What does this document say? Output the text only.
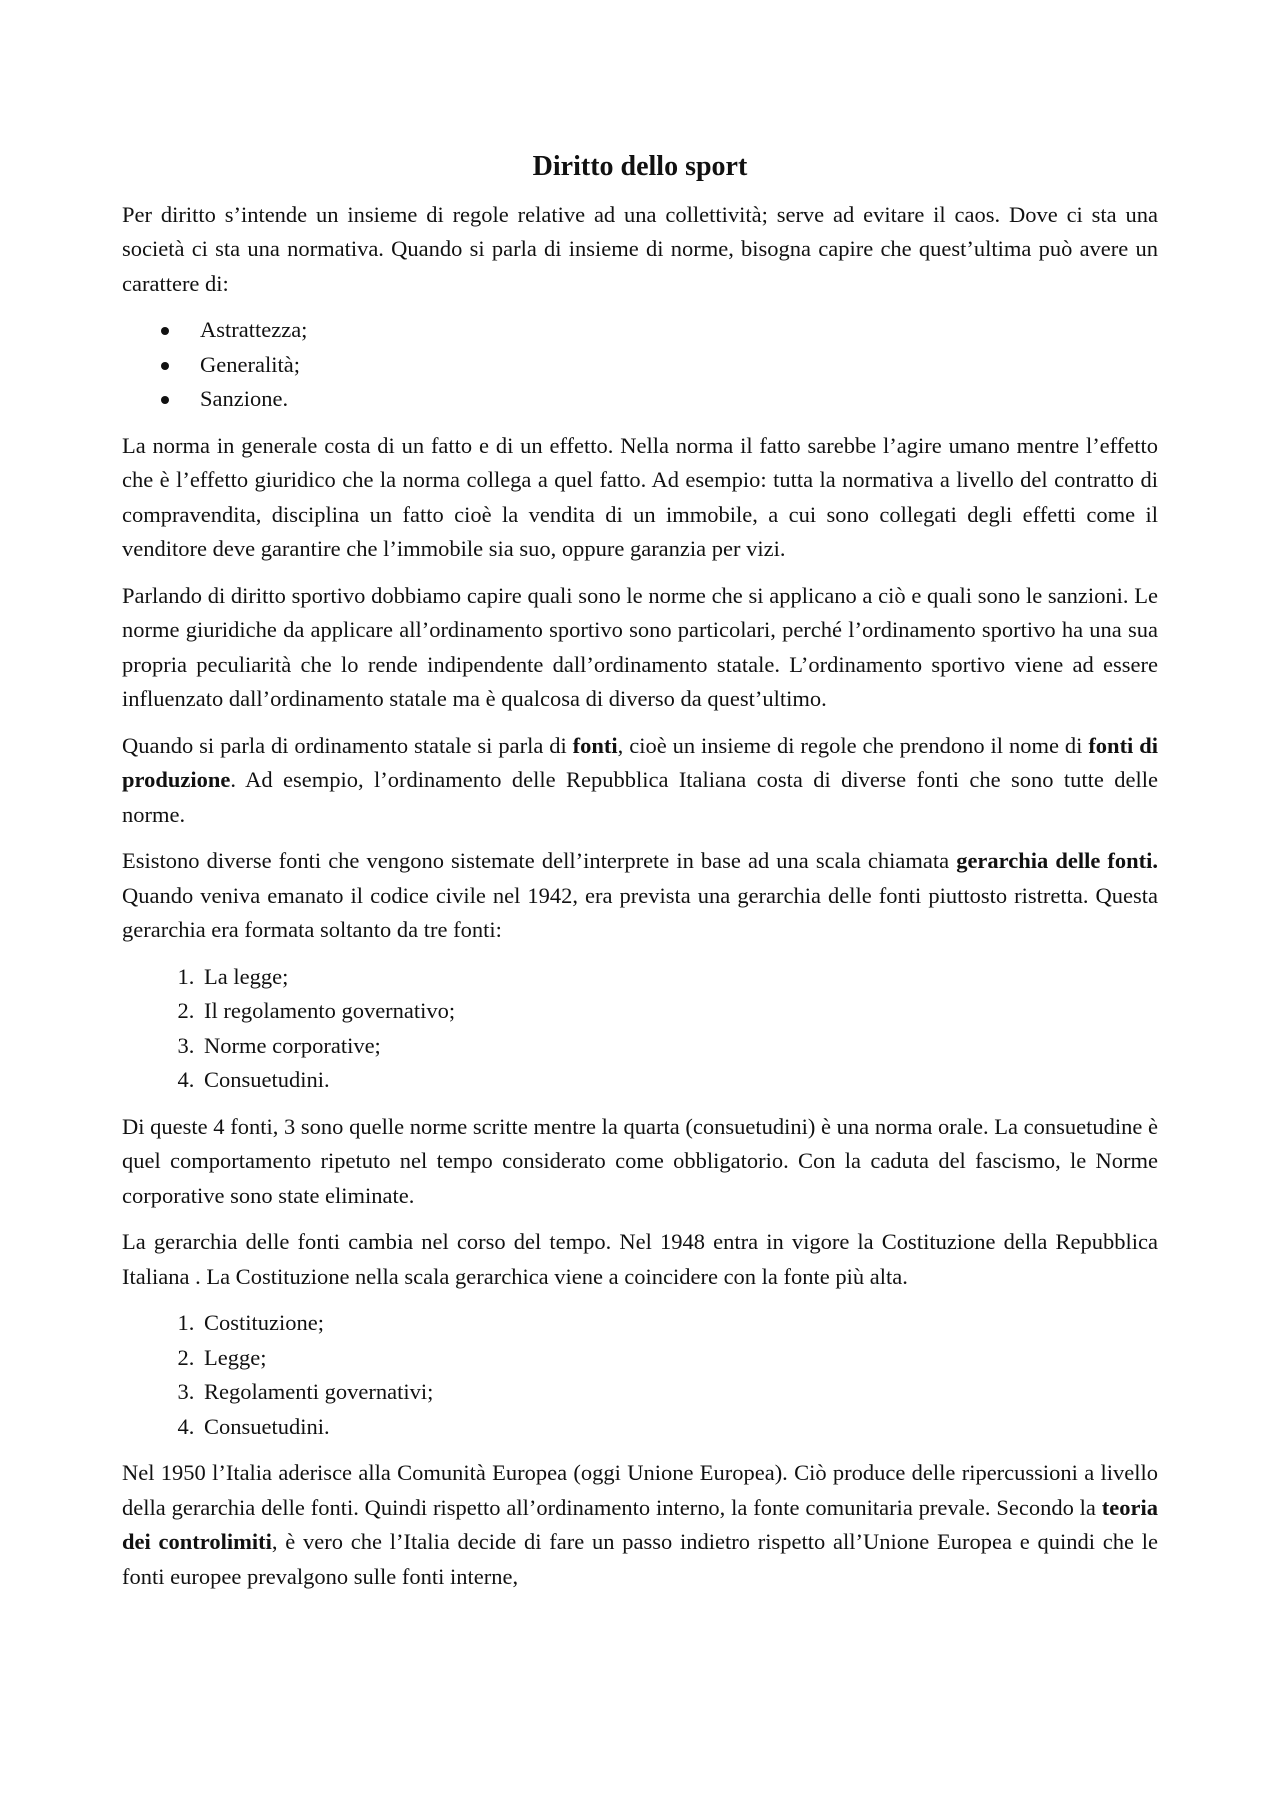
Diritto dello sport

Per diritto s’intende un insieme di regole relative ad una collettività; serve ad evitare il caos. Dove ci sta una società ci sta una normativa. Quando si parla di insieme di norme, bisogna capire che quest’ultima può avere un carattere di:

Astrattezza;
Generalità;
Sanzione.

La norma in generale costa di un fatto e di un effetto. Nella norma il fatto sarebbe l’agire umano mentre l’effetto che è l’effetto giuridico che la norma collega a quel fatto. Ad esempio: tutta la normativa a livello del contratto di compravendita, disciplina un fatto cioè la vendita di un immobile, a cui sono collegati degli effetti come il venditore deve garantire che l’immobile sia suo, oppure garanzia per vizi.

Parlando di diritto sportivo dobbiamo capire quali sono le norme che si applicano a ciò e quali sono le sanzioni. Le norme giuridiche da applicare all’ordinamento sportivo sono particolari, perché l’ordinamento sportivo ha una sua propria peculiarità che lo rende indipendente dall’ordinamento statale. L’ordinamento sportivo viene ad essere influenzato dall’ordinamento statale ma è qualcosa di diverso da quest’ultimo.

Quando si parla di ordinamento statale si parla di fonti, cioè un insieme di regole che prendono il nome di fonti di produzione. Ad esempio, l’ordinamento delle Repubblica Italiana costa di diverse fonti che sono tutte delle norme.

Esistono diverse fonti che vengono sistemate dell’interprete in base ad una scala chiamata gerarchia delle fonti. Quando veniva emanato il codice civile nel 1942, era prevista una gerarchia delle fonti piuttosto ristretta. Questa gerarchia era formata soltanto da tre fonti:

1. La legge;
2. Il regolamento governativo;
3. Norme corporative;
4. Consuetudini.

Di queste 4 fonti, 3 sono quelle norme scritte mentre la quarta (consuetudini) è una norma orale. La consuetudine è quel comportamento ripetuto nel tempo considerato come obbligatorio. Con la caduta del fascismo, le Norme corporative sono state eliminate.

La gerarchia delle fonti cambia nel corso del tempo. Nel 1948 entra in vigore la Costituzione della Repubblica Italiana . La Costituzione nella scala gerarchica viene a coincidere con la fonte più alta.

1. Costituzione;
2. Legge;
3. Regolamenti governativi;
4. Consuetudini.

Nel 1950 l’Italia aderisce alla Comunità Europea (oggi Unione Europea). Ciò produce delle ripercussioni a livello della gerarchia delle fonti. Quindi rispetto all’ordinamento interno, la fonte comunitaria prevale. Secondo la teoria dei controlimiti, è vero che l’Italia decide di fare un passo indietro rispetto all’Unione Europea e quindi che le fonti europee prevalgono sulle fonti interne,
